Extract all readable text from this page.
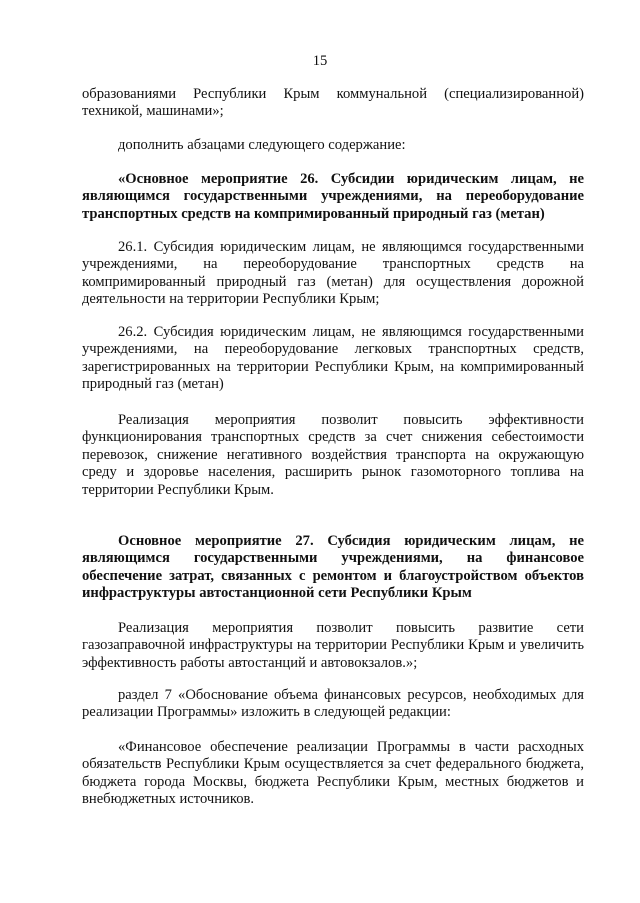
15

образованиями Республики Крым коммунальной (специализированной) техникой, машинами»;

дополнить абзацами следующего содержание:

«Основное мероприятие 26. Субсидии юридическим лицам, не являющимся государственными учреждениями, на переоборудование транспортных средств на компримированный природный газ (метан)

26.1. Субсидия юридическим лицам, не являющимся государственными учреждениями, на переоборудование транспортных средств на компримированный природный газ (метан) для осуществления дорожной деятельности на территории Республики Крым;

26.2. Субсидия юридическим лицам, не являющимся государственными учреждениями, на переоборудование легковых транспортных средств, зарегистрированных на территории Республики Крым, на компримированный природный газ (метан)

Реализация мероприятия позволит повысить эффективности функционирования транспортных средств за счет снижения себестоимости перевозок, снижение негативного воздействия транспорта на окружающую среду и здоровье населения, расширить рынок газомоторного топлива на территории Республики Крым.

Основное мероприятие 27. Субсидия юридическим лицам, не являющимся государственными учреждениями, на финансовое обеспечение затрат, связанных с ремонтом и благоустройством объектов инфраструктуры автостанционной сети Республики Крым

Реализация мероприятия позволит повысить развитие сети газозаправочной инфраструктуры на территории Республики Крым и увеличить эффективность работы автостанций и автовокзалов.»;

раздел 7 «Обоснование объема финансовых ресурсов, необходимых для реализации Программы» изложить в следующей редакции:

«Финансовое обеспечение реализации Программы в части расходных обязательств Республики Крым осуществляется за счет федерального бюджета, бюджета города Москвы, бюджета Республики Крым, местных бюджетов и внебюджетных источников.
